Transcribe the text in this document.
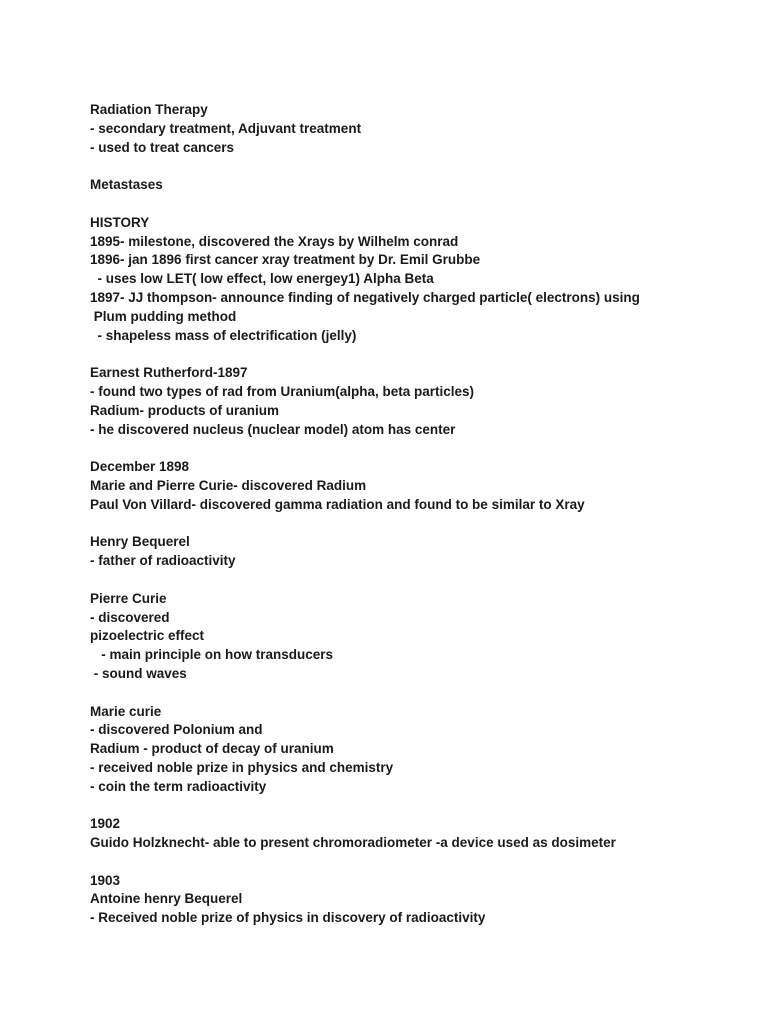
Radiation Therapy
- secondary treatment, Adjuvant treatment
- used to treat cancers
Metastases
HISTORY
1895- milestone, discovered the Xrays by Wilhelm conrad
1896- jan 1896 first cancer xray treatment by Dr. Emil Grubbe
- uses low LET( low effect, low energey1) Alpha Beta
1897- JJ thompson- announce finding of negatively charged particle( electrons) using
Plum pudding method
- shapeless mass of electrification (jelly)
Earnest Rutherford-1897
- found two types of rad from Uranium(alpha, beta particles)
Radium- products of uranium
- he discovered nucleus (nuclear model) atom has center
December 1898
Marie and Pierre Curie- discovered Radium
Paul Von Villard- discovered gamma radiation and found to be similar to Xray
Henry Bequerel
- father of radioactivity
Pierre Curie
- discovered
pizoelectric effect
- main principle on how transducers
- sound waves
Marie curie
- discovered Polonium and
Radium - product of decay of uranium
- received noble prize in physics and chemistry
- coin the term radioactivity
1902
Guido Holzknecht- able to present chromoradiometer -a device used as dosimeter
1903
Antoine henry Bequerel
- Received noble prize of physics in discovery of radioactivity
